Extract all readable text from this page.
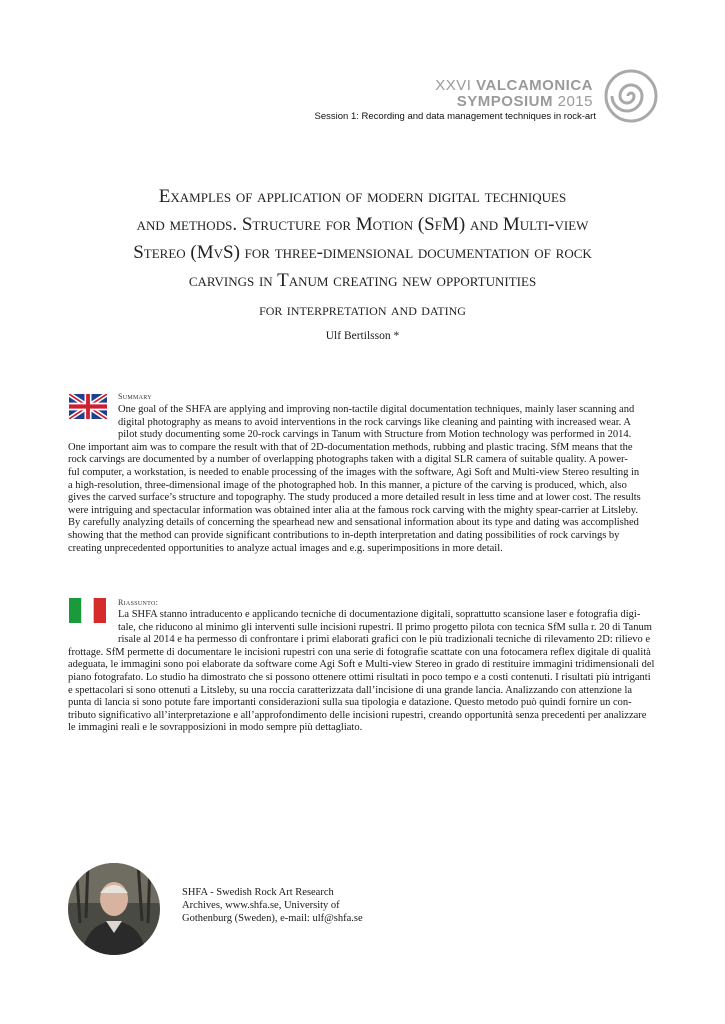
XXVI VALCAMONICA
SYMPOSIUM 2015
Session 1: Recording and data management techniques in rock-art
Examples of application of modern digital techniques
and methods. Structure for Motion (SfM) and Multi-view
Stereo (MvS) for three-dimensional documentation of rock
carvings in Tanum creating new opportunities
for interpretation and dating
Ulf Bertilsson *
Summary
One goal of the SHFA are applying and improving non-tactile digital documentation techniques, mainly laser scanning and
digital photography as means to avoid interventions in the rock carvings like cleaning and painting with increased wear. A
pilot study documenting some 20-rock carvings in Tanum with Structure from Motion technology was performed in 2014.
One important aim was to compare the result with that of 2D-documentation methods, rubbing and plastic tracing. SfM means that the
rock carvings are documented by a number of overlapping photographs taken with a digital SLR camera of suitable quality. A power-
ful computer, a workstation, is needed to enable processing of the images with the software, Agi Soft and Multi-view Stereo resulting in
a high-resolution, three-dimensional image of the photographed hob. In this manner, a picture of the carving is produced, which, also
gives the carved surface’s structure and topography. The study produced a more detailed result in less time and at lower cost. The results
were intriguing and spectacular information was obtained inter alia at the famous rock carving with the mighty spear-carrier at Litsleby.
By carefully analyzing details of concerning the spearhead new and sensational information about its type and dating was accomplished
showing that the method can provide significant contributions to in-depth interpretation and dating possibilities of rock carvings by
creating unprecedented opportunities to analyze actual images and e.g. superimpositions in more detail.
Riassunto:
La SHFA stanno intraducento e applicando tecniche di documentazione digitali, soprattutto scansione laser e fotografia digi-
tale, che riducono al minimo gli interventi sulle incisioni rupestri. Il primo progetto pilota con tecnica SfM sulla r. 20 di Tanum
risale al 2014 e ha permesso di confrontare i primi elaborati grafici con le più tradizionali tecniche di rilevamento 2D: rilievo e
frottage. SfM permette di documentare le incisioni rupestri con una serie di fotografie scattate con una fotocamera reflex digitale di qualità
adeguata, le immagini sono poi elaborate da software come Agi Soft e Multi-view Stereo in grado di restituire immagini tridimensionali del
piano fotografato. Lo studio ha dimostrato che si possono ottenere ottimi risultati in poco tempo e a costi contenuti. I risultati più intriganti
e spettacolari si sono ottenuti a Litsleby, su una roccia caratterizzata dall’incisione di una grande lancia. Analizzando con attenzione la
punta di lancia si sono potute fare importanti considerazioni sulla sua tipologia e datazione. Questo metodo può quindi fornire un con-
tributo significativo all’interpretazione e all’approfondimento delle incisioni rupestri, creando opportunità senza precedenti per analizzare
le immagini reali e le sovrapposizioni in modo sempre più dettagliato.
SHFA - Swedish Rock Art Research
Archives, www.shfa.se, University of
Gothenburg (Sweden), e-mail: ulf@shfa.se
